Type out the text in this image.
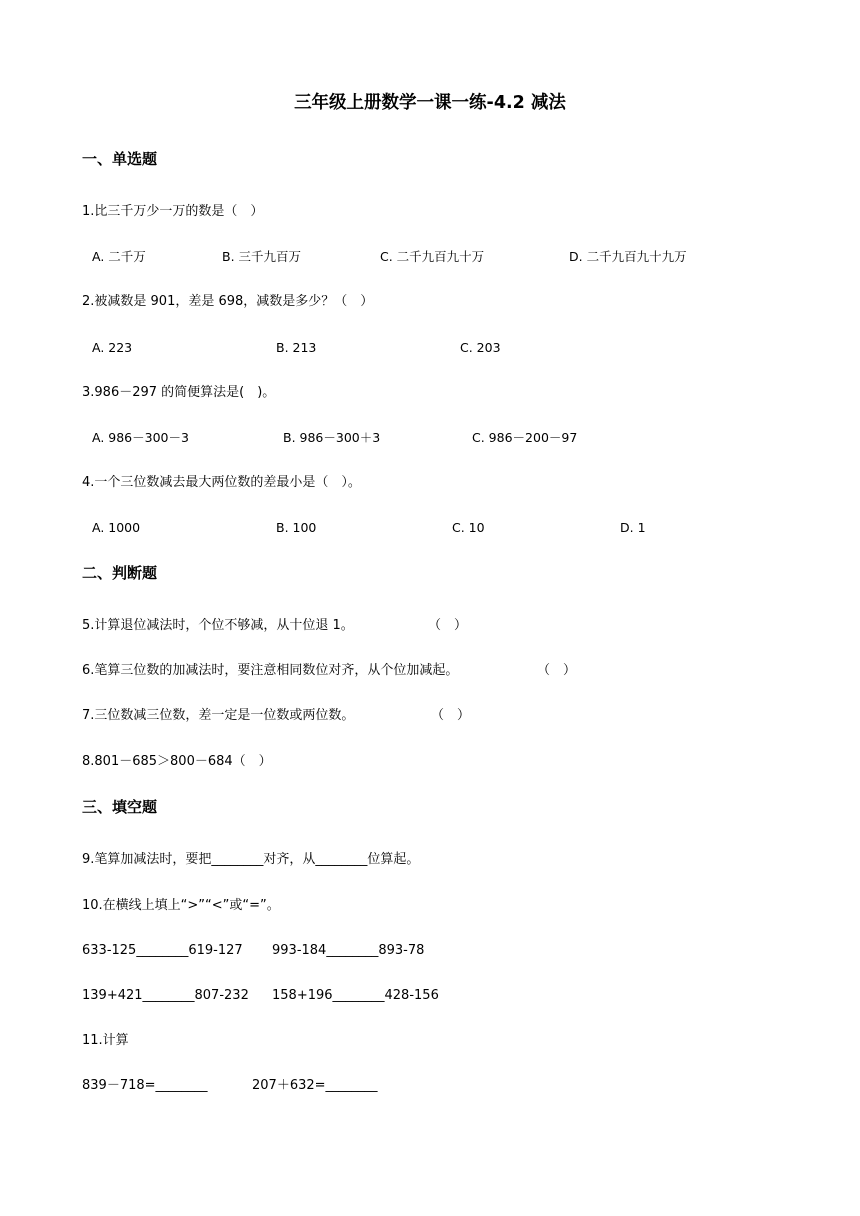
三年级上册数学一课一练-4.2 减法
一、单选题
1.比三千万少一万的数是（　）
A. 二千万	B. 三千九百万	C. 二千九百九十万	D. 二千九百九十九万
2.被减数是 901，差是 698，减数是多少？（　）
A. 223	B. 213	C. 203
3.986－297 的简便算法是(　)。
A. 986－300－3	B. 986－300＋3	C. 986－200－97
4.一个三位数减去最大两位数的差最小是（　）。
A. 1000	B. 100	C. 10	D. 1
二、判断题
5.计算退位减法时，个位不够减，从十位退 1。	（　）
6.笔算三位数的加减法时，要注意相同数位对齐，从个位加减起。	（　）
7.三位数减三位数，差一定是一位数或两位数。	（　）
8.801－685＞800－684（　）
三、填空题
9.笔算加减法时，要把________对齐，从________位算起。
10.在横线上填上“>”“<”或“=”。
633-125________619-127 993-184________893-78
139+421________807-232 158+196________428-156
11.计算
839－718=________	207＋632=________
